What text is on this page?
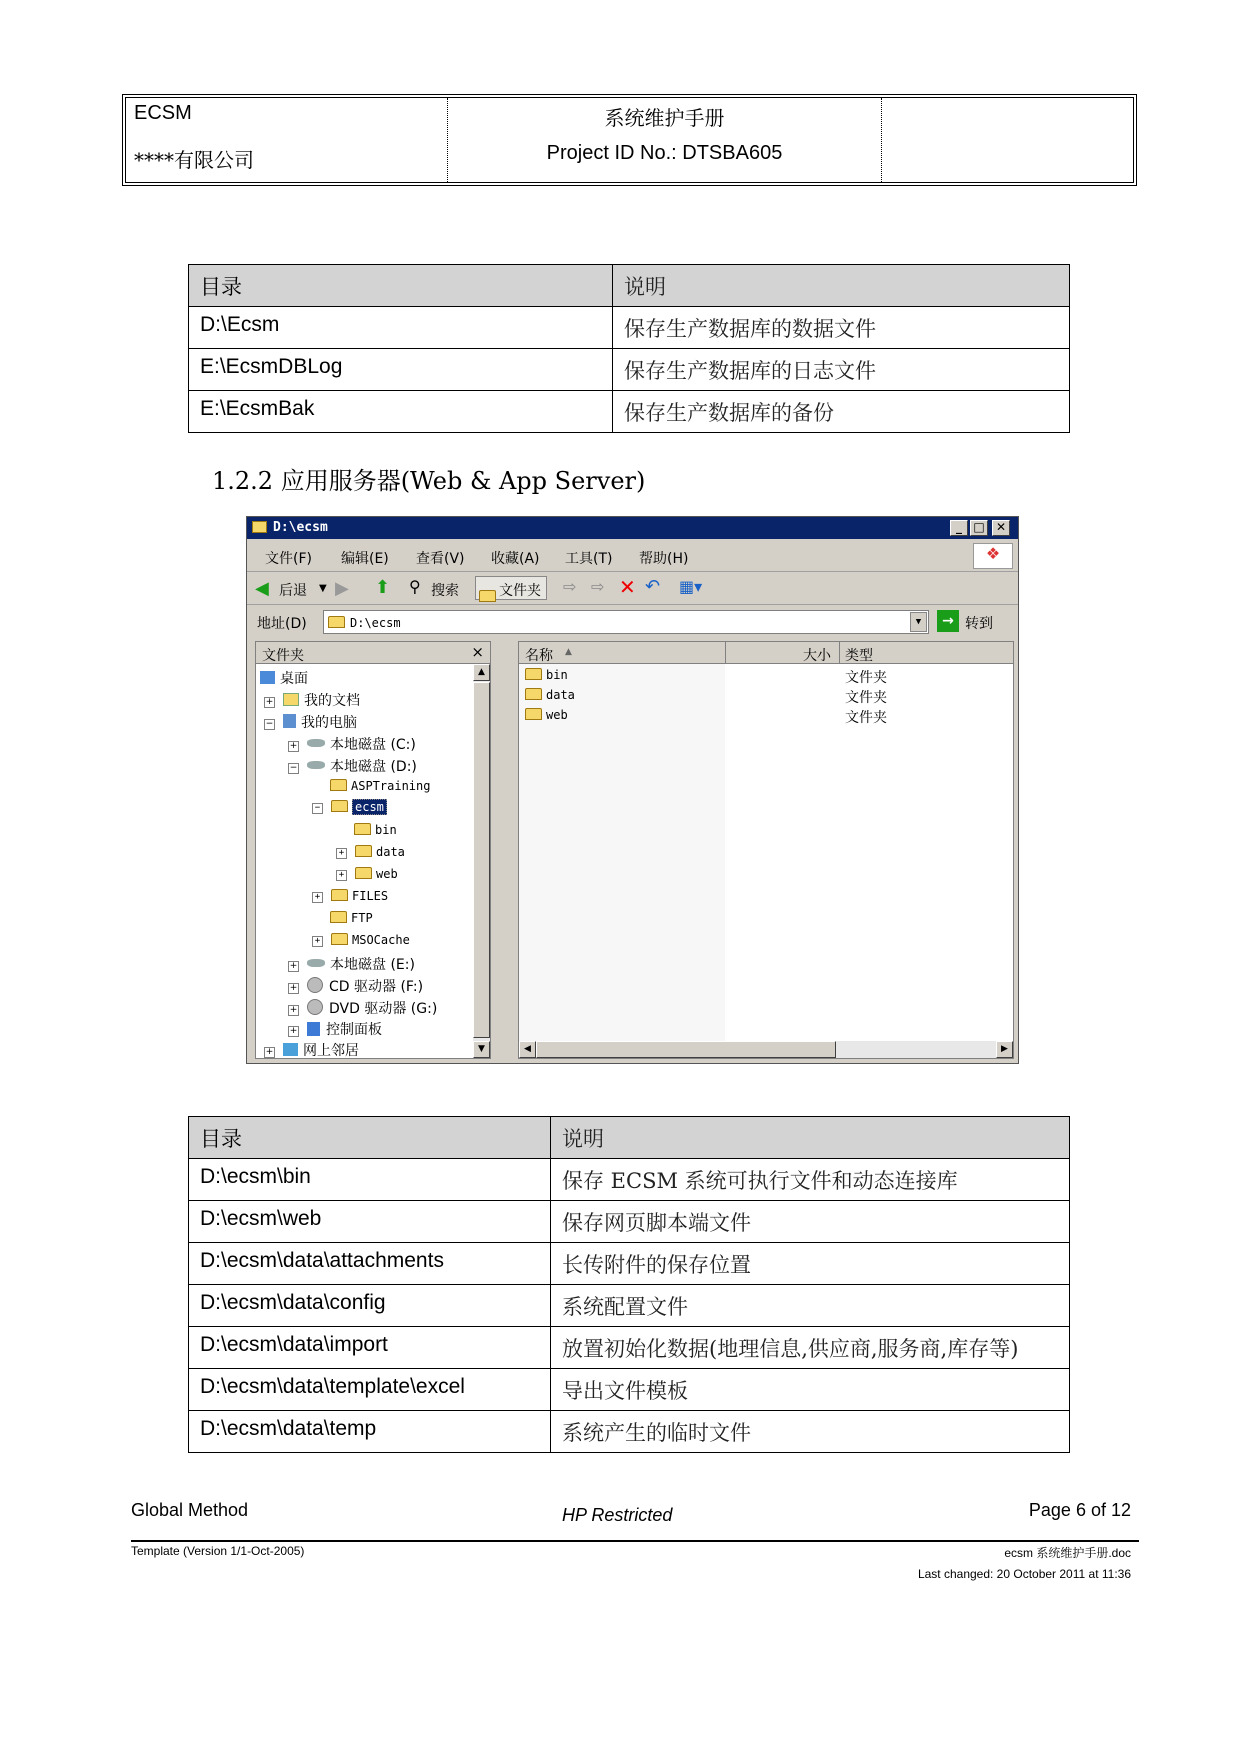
ECSM
****有限公司
系统维护手册
Project ID No.: DTSBA605
目录	说明
D:\Ecsm	保存生产数据库的数据文件
E:\EcsmDBLog	保存生产数据库的日志文件
E:\EcsmBak	保存生产数据库的备份
1.2.2 应用服务器(Web & App Server)
D:\ecsm	_ □ ✕
文件(F) 编辑(E) 查看(V) 收藏(A) 工具(T) 帮助(H)	❖
◀ 后退 ▼ ▶ ⬆ ⚲ 搜索	文件夹 ⇨ ⇨ ✕ ↶ ▦▾
地址(D)	D:\ecsm	▼	→ 转到
文件夹	×
桌面
+ 我的文档
− 我的电脑
+ 本地磁盘 (C:)
− 本地磁盘 (D:)
ASPTraining
−	ecsm
bin
+	data
+	web
+	FILES
FTP
+	MSOCache
+ 本地磁盘 (E:)
+ CD 驱动器 (F:)
+ DVD 驱动器 (G:)
+ 控制面板
+ 网上邻居
▲
▼
名称 ▲	大小 类型
bin	文件夹
data	文件夹
web	文件夹
◀	▶
目录	说明
D:\ecsm\bin	保存 ECSM 系统可执行文件和动态连接库
D:\ecsm\web	保存网页脚本端文件
D:\ecsm\data\attachments	长传附件的保存位置
D:\ecsm\data\config	系统配置文件
D:\ecsm\data\import	放置初始化数据(地理信息,供应商,服务商,库存等)
D:\ecsm\data\template\excel	导出文件模板
D:\ecsm\data\temp	系统产生的临时文件
Global Method	HP Restricted	Page 6 of 12
Template (Version 1/1-Oct-2005)	ecsm 系统维护手册.doc
Last changed: 20 October 2011 at 11:36
